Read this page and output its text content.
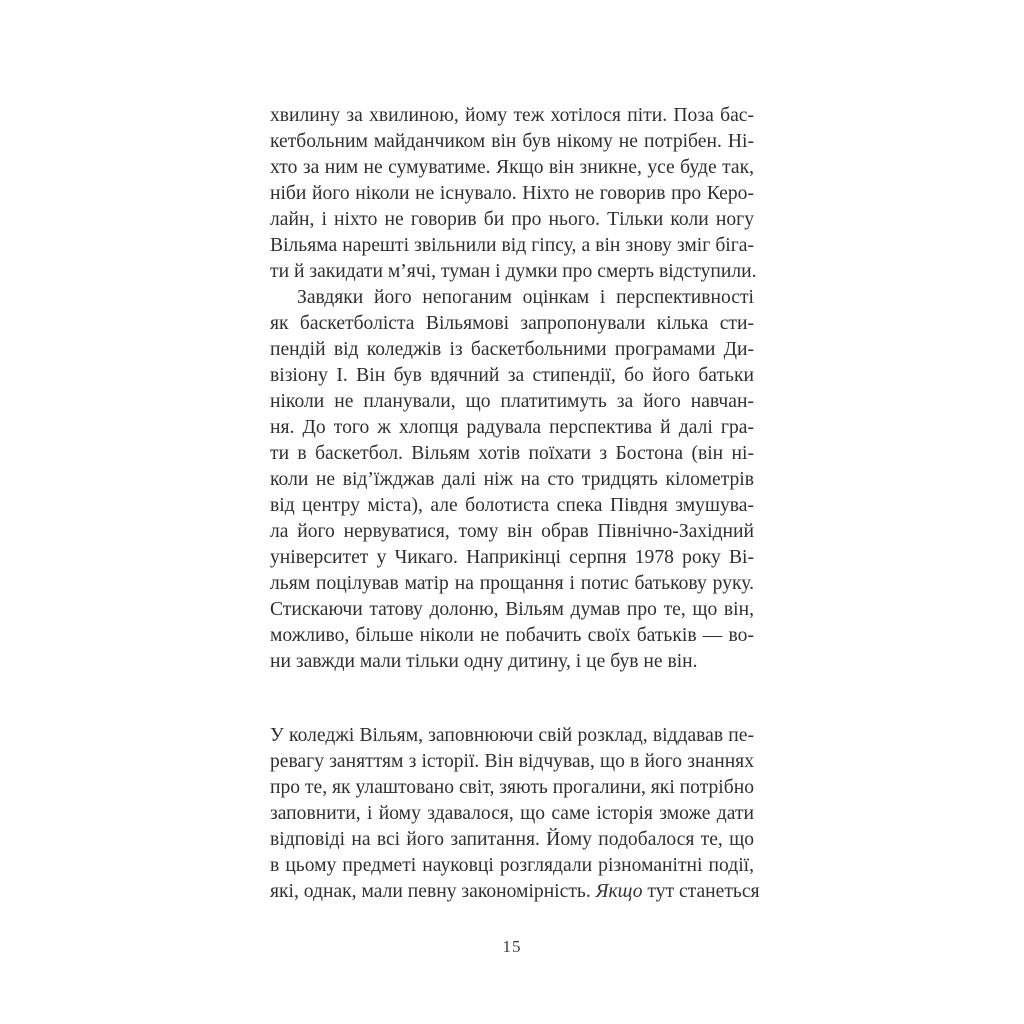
хвилину за хвилиною, йому теж хотілося піти. Поза бас-
кетбольним майданчиком він був нікому не потрібен. Ні-
хто за ним не сумуватиме. Якщо він зникне, усе буде так,
ніби його ніколи не існувало. Ніхто не говорив про Керо-
лайн, і ніхто не говорив би про нього. Тільки коли ногу
Вільяма нарешті звільнили від гіпсу, а він знову зміг біга-
ти й закидати м’ячі, туман і думки про смерть відступили.
Завдяки його непоганим оцінкам і перспективності
як баскетболіста Вільямові запропонували кілька сти-
пендій від коледжів із баскетбольними програмами Ди-
візіону І. Він був вдячний за стипендії, бо його батьки
ніколи не планували, що платитимуть за його навчан-
ня. До того ж хлопця радувала перспектива й далі гра-
ти в баскетбол. Вільям хотів поїхати з Бостона (він ні-
коли не від’їжджав далі ніж на сто тридцять кілометрів
від центру міста), але болотиста спека Півдня змушува-
ла його нервуватися, тому він обрав Північно-Західний
університет у Чикаго. Наприкінці серпня 1978 року Ві-
льям поцілував матір на прощання і потис батькову руку.
Стискаючи татову долоню, Вільям думав про те, що він,
можливо, більше ніколи не побачить своїх батьків — во-
ни завжди мали тільки одну дитину, і це був не він.
У коледжі Вільям, заповнюючи свій розклад, віддавав пе-
ревагу заняттям з історії. Він відчував, що в його знаннях
про те, як улаштовано світ, зяють прогалини, які потрібно
заповнити, і йому здавалося, що саме історія зможе дати
відповіді на всі його запитання. Йому подобалося те, що
в цьому предметі науковці розглядали різноманітні події,
які, однак, мали певну закономірність. Якщо тут станеться
15
